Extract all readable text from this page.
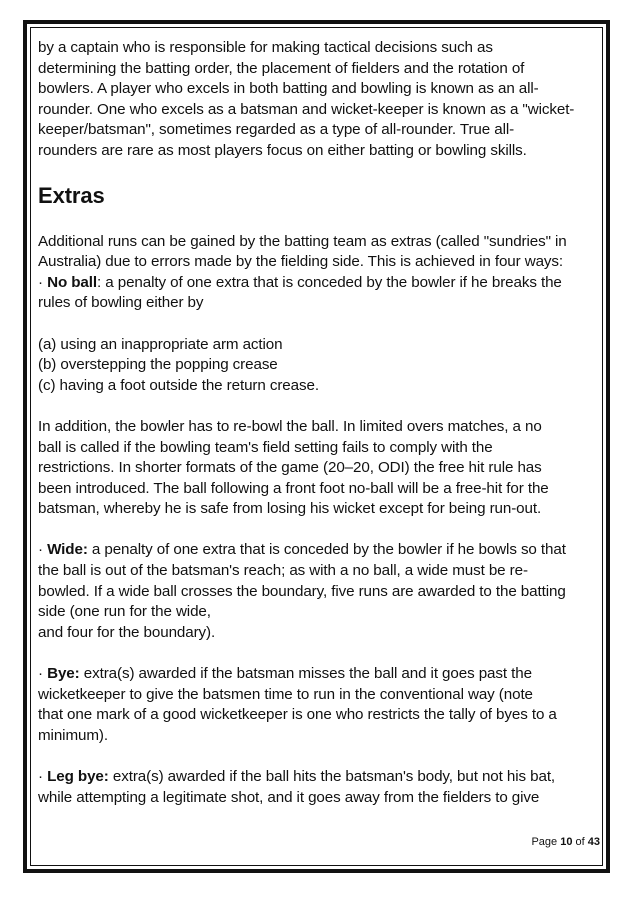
by a captain who is responsible for making tactical decisions such as

determining the batting order, the placement of fielders and the rotation of

bowlers. A player who excels in both batting and bowling is known as an all-

rounder. One who excels as a batsman and wicket-keeper is known as a "wicket-

keeper/batsman", sometimes regarded as a type of all-rounder. True all-

rounders are rare as most players focus on either batting or bowling skills.

Extras

Additional runs can be gained by the batting team as extras (called "sundries" in

Australia) due to errors made by the fielding side. This is achieved in four ways:

· No ball: a penalty of one extra that is conceded by the bowler if he breaks the

rules of bowling either by

(a) using an inappropriate arm action

(b) overstepping the popping crease

(c) having a foot outside the return crease.

In addition, the bowler has to re-bowl the ball. In limited overs matches, a no

ball is called if the bowling team's field setting fails to comply with the

restrictions. In shorter formats of the game (20–20, ODI) the free hit rule has

been introduced. The ball following a front foot no-ball will be a free-hit for the

batsman, whereby he is safe from losing his wicket except for being run-out.

· Wide: a penalty of one extra that is conceded by the bowler if he bowls so that

the ball is out of the batsman's reach; as with a no ball, a wide must be re-

bowled. If a wide ball crosses the boundary, five runs are awarded to the batting

side (one run for the wide,

and four for the boundary).

· Bye: extra(s) awarded if the batsman misses the ball and it goes past the

wicketkeeper to give the batsmen time to run in the conventional way (note

that one mark of a good wicketkeeper is one who restricts the tally of byes to a

minimum).

· Leg bye: extra(s) awarded if the ball hits the batsman's body, but not his bat,

while attempting a legitimate shot, and it goes away from the fielders to give

Page 10 of 43
